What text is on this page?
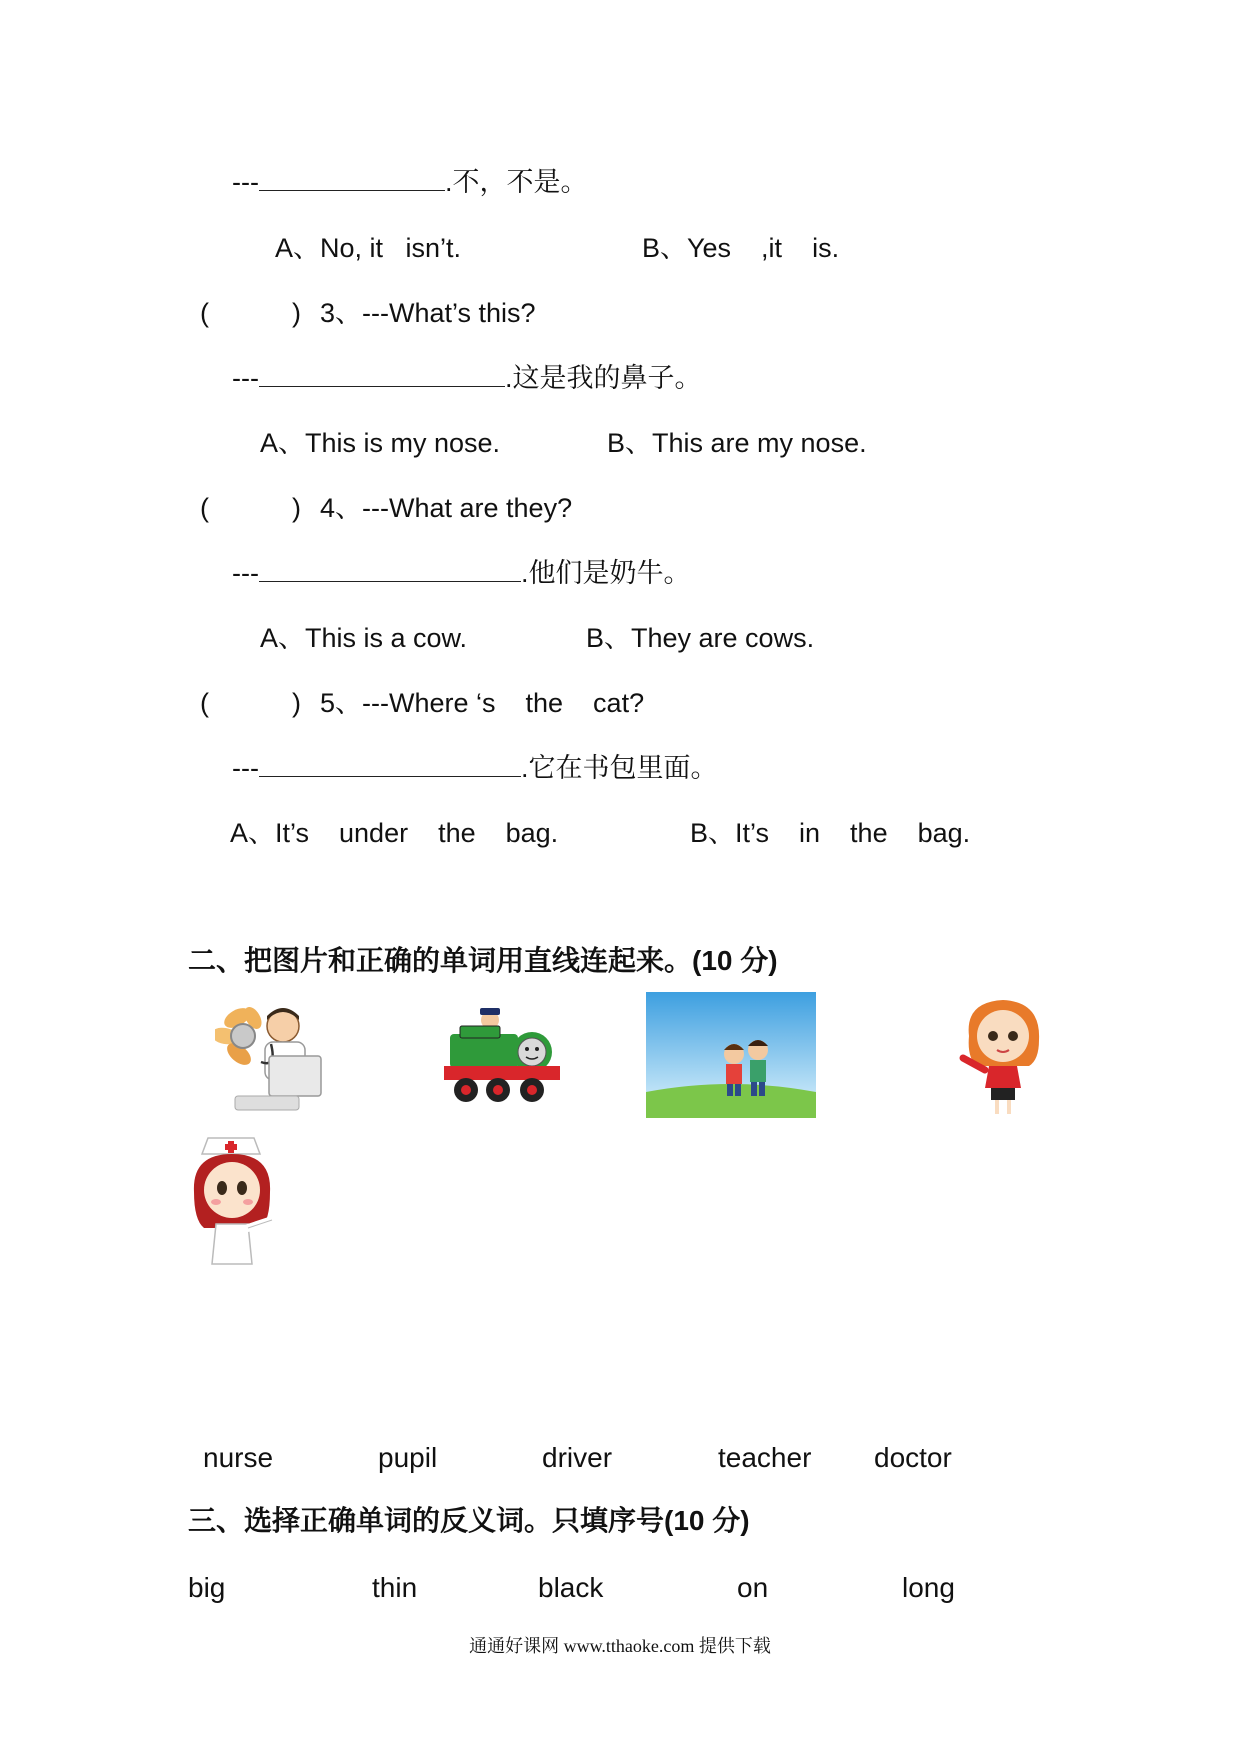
---	.不，不是。
A、No, it   isn’t.	B、Yes    ,it    is.
(	) 3、---What’s this?
---	.这是我的鼻子。
A、This is my nose.	B、This are my nose.
(	) 4、---What are they?
---	.他们是奶牛。
A、This is a cow.	B、They are cows.
(	) 5、---Where ‘s    the    cat?
---	.它在书包里面。
A、It’s    under    the    bag.	B、It’s    in    the    bag.
二、把图片和正确的单词用直线连起来。(10 分)
nurse	pupil	driver	teacher doctor
三、选择正确单词的反义词。只填序号(10 分)
big	thin	black	on	long
通通好课网 www.tthaoke.com 提供下载
